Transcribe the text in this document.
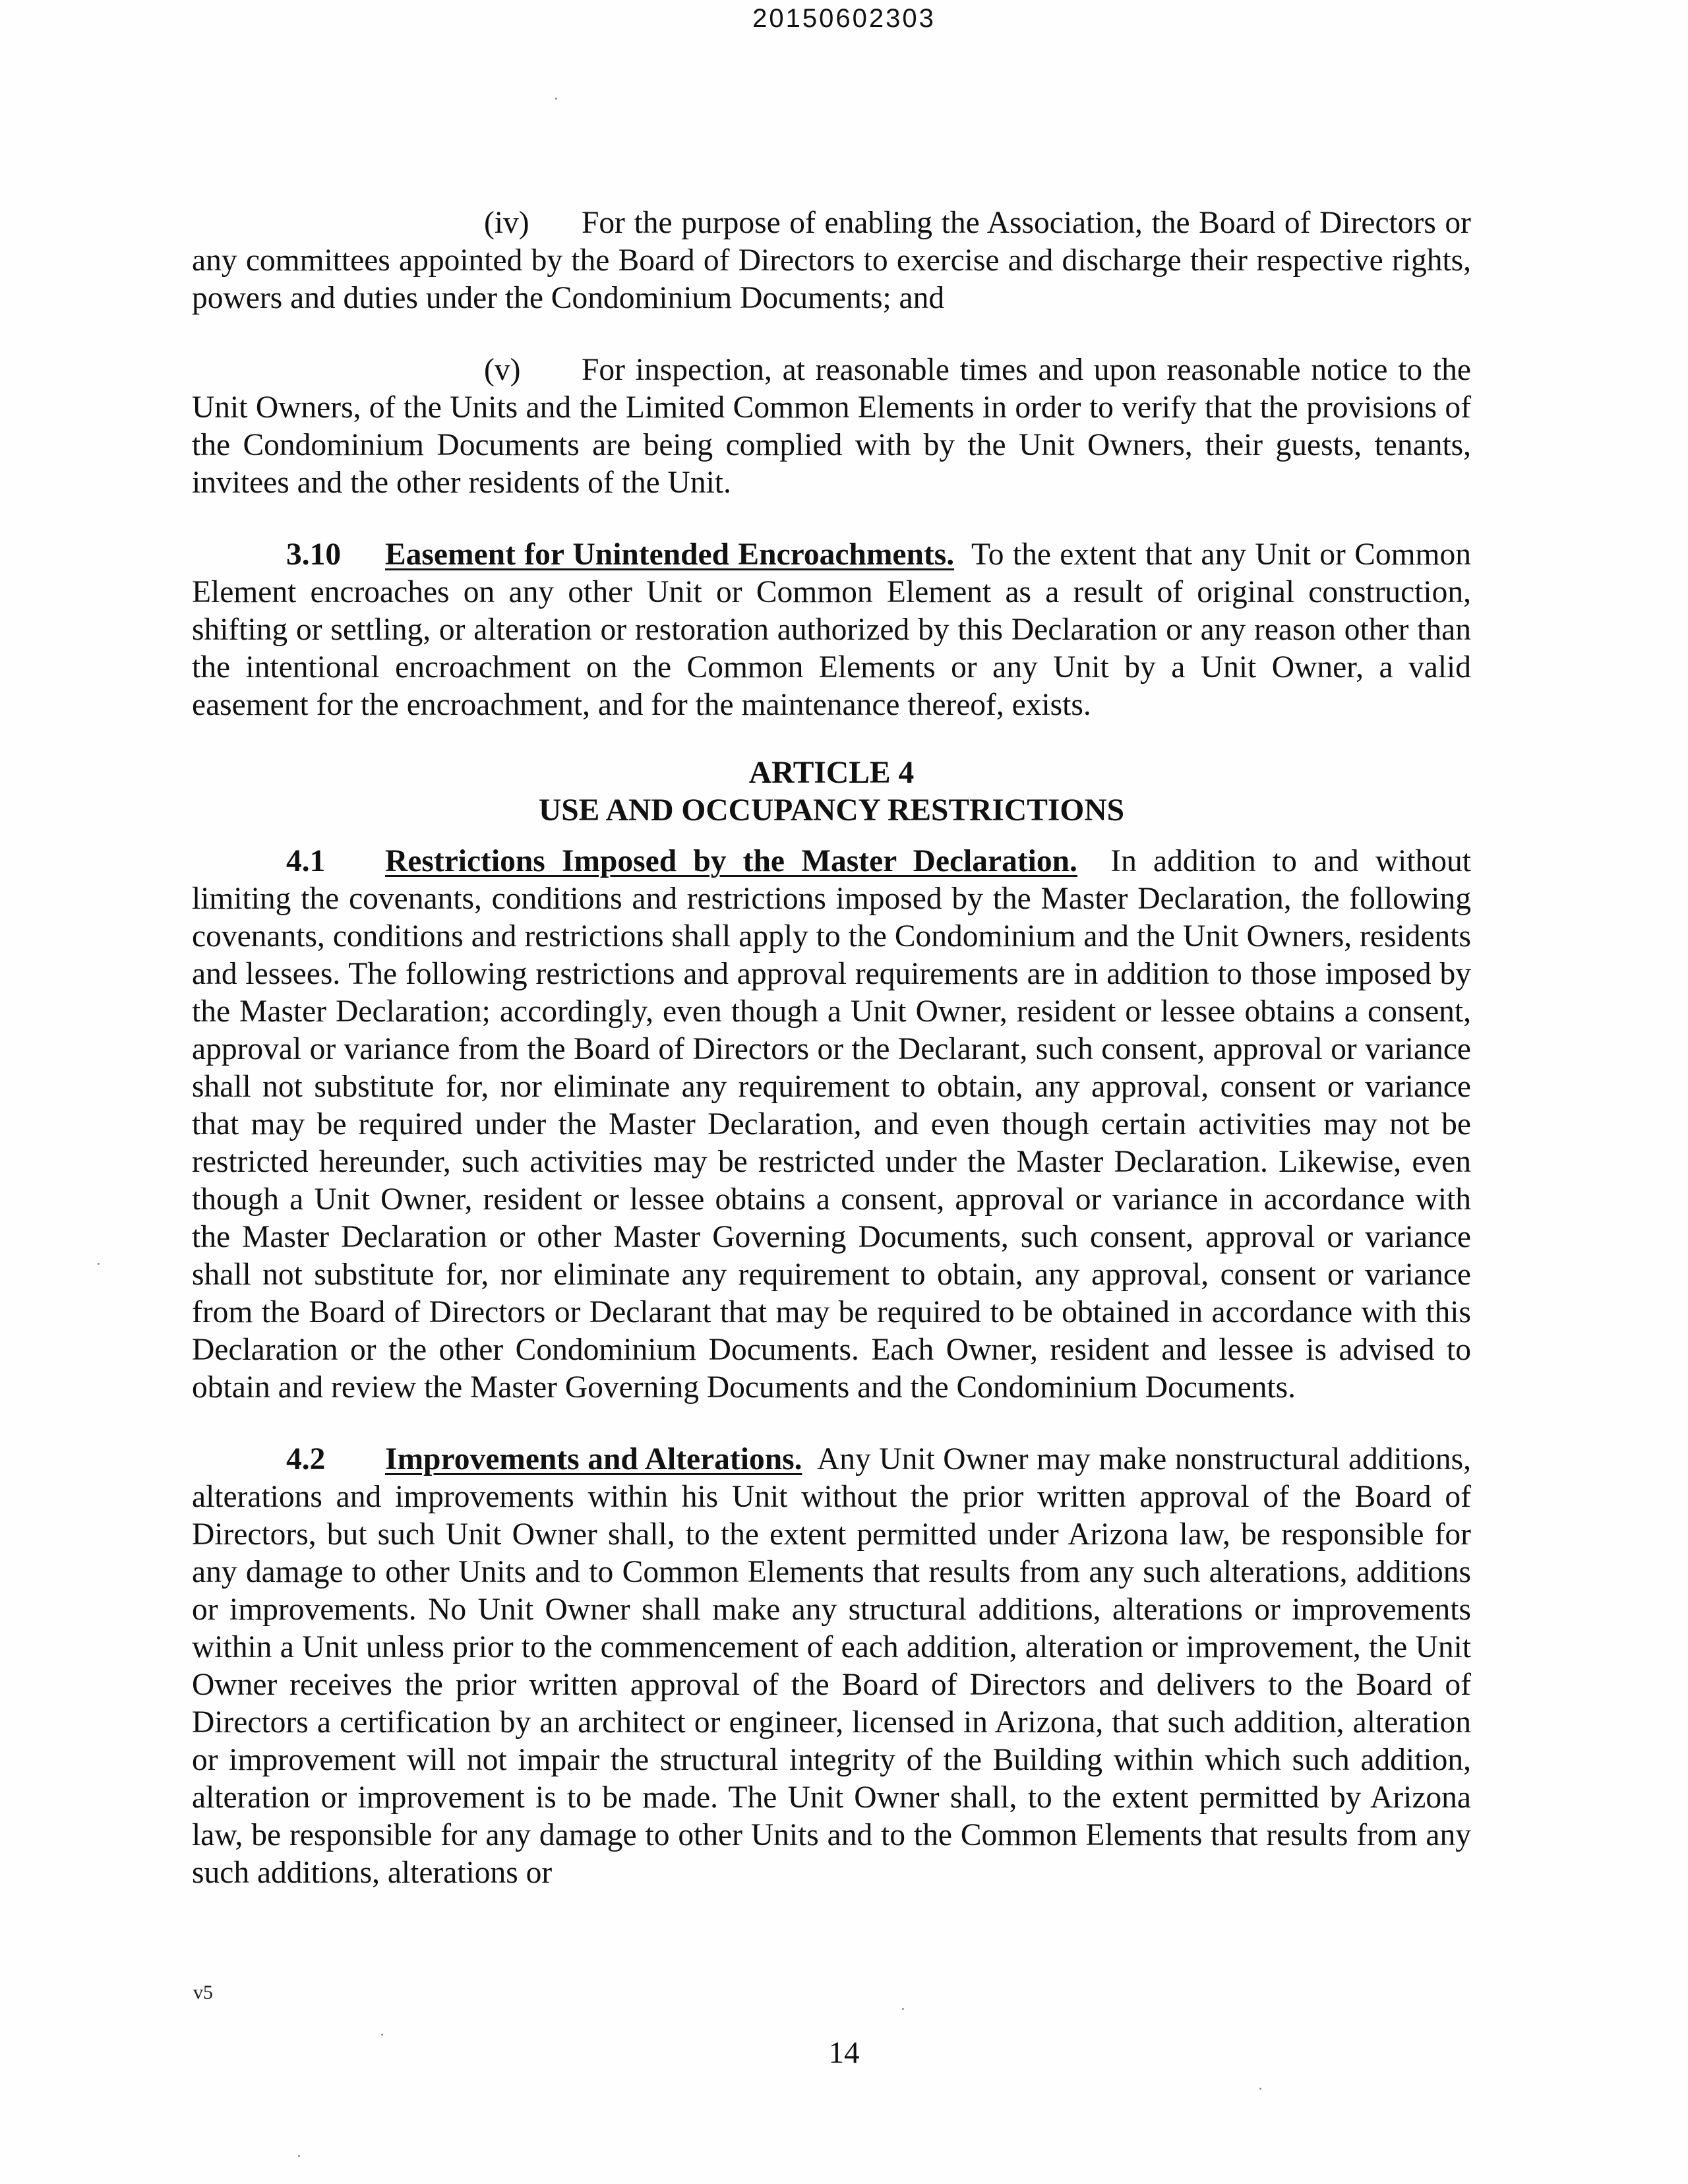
20150602303

(iv) For the purpose of enabling the Association, the Board of Directors or any committees appointed by the Board of Directors to exercise and discharge their respective rights, powers and duties under the Condominium Documents; and

(v) For inspection, at reasonable times and upon reasonable notice to the Unit Owners, of the Units and the Limited Common Elements in order to verify that the provisions of the Condominium Documents are being complied with by the Unit Owners, their guests, tenants, invitees and the other residents of the Unit.

3.10 Easement for Unintended Encroachments. To the extent that any Unit or Common Element encroaches on any other Unit or Common Element as a result of original construction, shifting or settling, or alteration or restoration authorized by this Declaration or any reason other than the intentional encroachment on the Common Elements or any Unit by a Unit Owner, a valid easement for the encroachment, and for the maintenance thereof, exists.

ARTICLE 4
USE AND OCCUPANCY RESTRICTIONS

4.1 Restrictions Imposed by the Master Declaration. In addition to and without limiting the covenants, conditions and restrictions imposed by the Master Declaration, the following covenants, conditions and restrictions shall apply to the Condominium and the Unit Owners, residents and lessees. The following restrictions and approval requirements are in addition to those imposed by the Master Declaration; accordingly, even though a Unit Owner, resident or lessee obtains a consent, approval or variance from the Board of Directors or the Declarant, such consent, approval or variance shall not substitute for, nor eliminate any requirement to obtain, any approval, consent or variance that may be required under the Master Declaration, and even though certain activities may not be restricted hereunder, such activities may be restricted under the Master Declaration. Likewise, even though a Unit Owner, resident or lessee obtains a consent, approval or variance in accordance with the Master Declaration or other Master Governing Documents, such consent, approval or variance shall not substitute for, nor eliminate any requirement to obtain, any approval, consent or variance from the Board of Directors or Declarant that may be required to be obtained in accordance with this Declaration or the other Condominium Documents. Each Owner, resident and lessee is advised to obtain and review the Master Governing Documents and the Condominium Documents.

4.2 Improvements and Alterations. Any Unit Owner may make nonstructural additions, alterations and improvements within his Unit without the prior written approval of the Board of Directors, but such Unit Owner shall, to the extent permitted under Arizona law, be responsible for any damage to other Units and to Common Elements that results from any such alterations, additions or improvements. No Unit Owner shall make any structural additions, alterations or improvements within a Unit unless prior to the commencement of each addition, alteration or improvement, the Unit Owner receives the prior written approval of the Board of Directors and delivers to the Board of Directors a certification by an architect or engineer, licensed in Arizona, that such addition, alteration or improvement will not impair the structural integrity of the Building within which such addition, alteration or improvement is to be made. The Unit Owner shall, to the extent permitted by Arizona law, be responsible for any damage to other Units and to the Common Elements that results from any such additions, alterations or

v5
14
